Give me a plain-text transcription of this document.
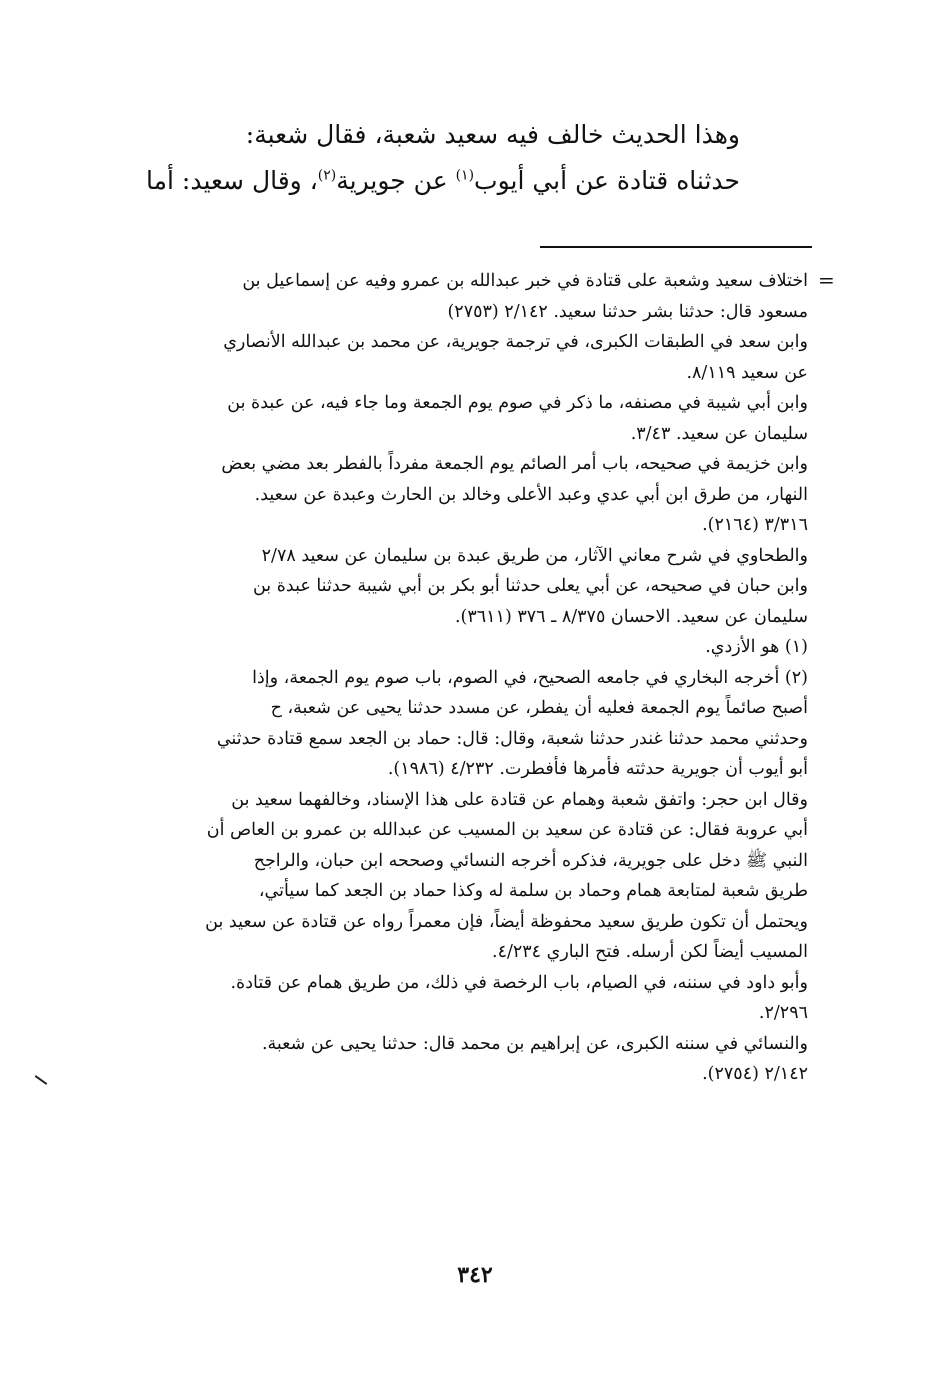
وهذا الحديث خالف فيه سعيد شعبة، فقال شعبة:
حدثناه قتادة عن أبي أيوب$^{(١)}$ عن جويرية$^{(٢)}$، وقال سعيد: أما
=
اختلاف سعيد وشعبة على قتادة في خبر عبدالله بن عمرو وفيه عن إسماعيل بن
مسعود قال: حدثنا بشر حدثنا سعيد. ٢/١٤٢ (٢٧٥٣)
وابن سعد في الطبقات الكبرى، في ترجمة جويرية، عن محمد بن عبدالله الأنصاري
عن سعيد ٨/١١٩.
وابن أبي شيبة في مصنفه، ما ذكر في صوم يوم الجمعة وما جاء فيه، عن عبدة بن
سليمان عن سعيد. ٣/٤٣.
وابن خزيمة في صحيحه، باب أمر الصائم يوم الجمعة مفرداً بالفطر بعد مضي بعض
النهار، من طرق ابن أبي عدي وعبد الأعلى وخالد بن الحارث وعبدة عن سعيد.
٣/٣١٦ (٢١٦٤).
والطحاوي في شرح معاني الآثار، من طريق عبدة بن سليمان عن سعيد ٢/٧٨
وابن حبان في صحيحه، عن أبي يعلى حدثنا أبو بكر بن أبي شيبة حدثنا عبدة بن
سليمان عن سعيد. الاحسان ٨/٣٧٥ ـ ٣٧٦ (٣٦١١).
(١) هو الأزدي.
(٢) أخرجه البخاري في جامعه الصحيح، في الصوم، باب صوم يوم الجمعة، وإذا
أصبح صائماً يوم الجمعة فعليه أن يفطر، عن مسدد حدثنا يحيى عن شعبة، ح
وحدثني محمد حدثنا غندر حدثنا شعبة، وقال: قال: حماد بن الجعد سمع قتادة حدثني
أبو أيوب أن جويرية حدثته فأمرها فأفطرت. ٤/٢٣٢ (١٩٨٦).
وقال ابن حجر: واتفق شعبة وهمام عن قتادة على هذا الإسناد، وخالفهما سعيد بن
أبي عروبة فقال: عن قتادة عن سعيد بن المسيب عن عبدالله بن عمرو بن العاص أن
النبي ﷺ دخل على جويرية، فذكره أخرجه النسائي وصححه ابن حبان، والراجح
طريق شعبة لمتابعة همام وحماد بن سلمة له وكذا حماد بن الجعد كما سيأتي،
ويحتمل أن تكون طريق سعيد محفوظة أيضاً، فإن معمراً رواه عن قتادة عن سعيد بن
المسيب أيضاً لكن أرسله. فتح الباري ٤/٢٣٤.
وأبو داود في سننه، في الصيام، باب الرخصة في ذلك، من طريق همام عن قتادة.
٢/٢٩٦.
والنسائي في سننه الكبرى، عن إبراهيم بن محمد قال: حدثنا يحيى عن شعبة.
٢/١٤٢ (٢٧٥٤).
٣٤٢
